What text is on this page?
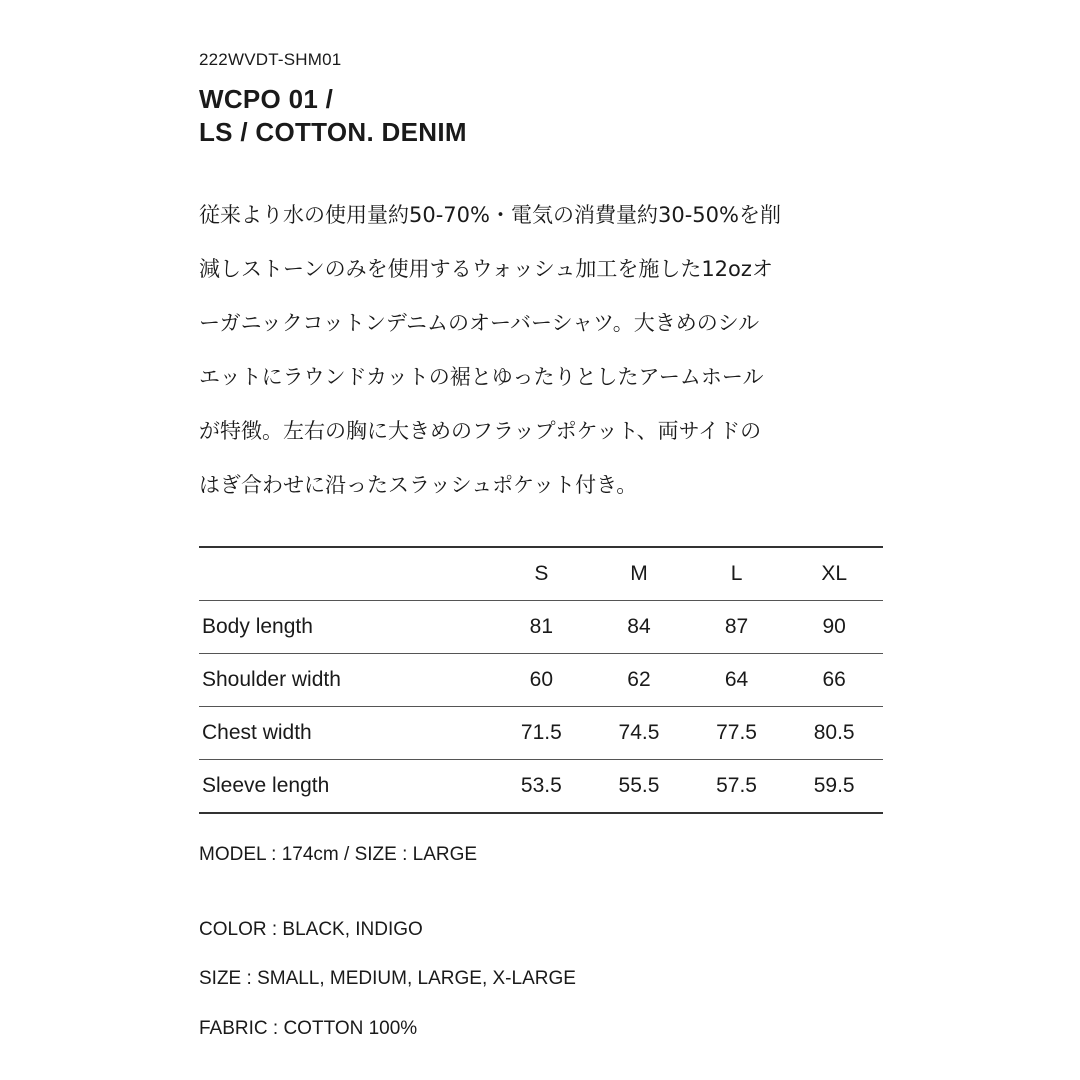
222WVDT-SHM01
WCPO 01 /
LS / COTTON. DENIM
従来より水の使用量約50-70%・電気の消費量約30-50%を削
減しストーンのみを使用するウォッシュ加工を施した12ozオ
ーガニックコットンデニムのオーバーシャツ。大きめのシル
エットにラウンドカットの裾とゆったりとしたアームホール
が特徴。左右の胸に大きめのフラップポケット、両サイドの
はぎ合わせに沿ったスラッシュポケット付き。
	S	M	L	XL
Body length	81	84	87	90
Shoulder width	60	62	64	66
Chest width	71.5	74.5	77.5	80.5
Sleeve length	53.5	55.5	57.5	59.5
MODEL : 174cm / SIZE : LARGE
COLOR : BLACK, INDIGO
SIZE : SMALL, MEDIUM, LARGE, X-LARGE
FABRIC : COTTON 100%
